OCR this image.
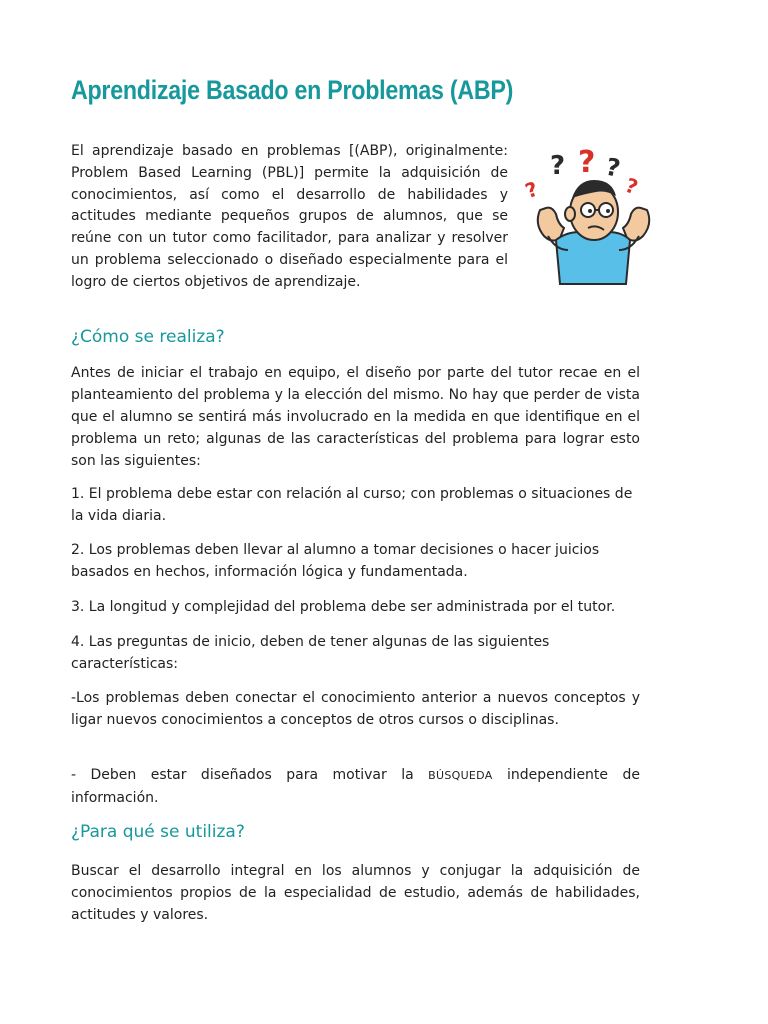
Aprendizaje Basado en Problemas (ABP)

El aprendizaje basado en problemas [(ABP), originalmente: Problem Based Learning (PBL)] permite la adquisición de conocimientos, así como el desarrollo de habilidades y actitudes mediante pequeños grupos de alumnos, que se reúne con un tutor como facilitador, para analizar y resolver un problema seleccionado o diseñado especialmente para el logro de ciertos objetivos de aprendizaje.

?
? ? ?
?
¿Cómo se realiza?

Antes de iniciar el trabajo en equipo, el diseño por parte del tutor recae en el planteamiento del problema y la elección del mismo. No hay que perder de vista que el alumno se sentirá más involucrado en la medida en que identifique en el problema un reto; algunas de las características del problema para lograr esto son las siguientes:

1. El problema debe estar con relación al curso; con problemas o situaciones de la vida diaria.

2. Los problemas deben llevar al alumno a tomar decisiones o hacer juicios basados en hechos, información lógica y fundamentada.

3. La longitud y complejidad del problema debe ser administrada por el tutor.

4. Las preguntas de inicio, deben de tener algunas de las siguientes características:

-Los problemas deben conectar el conocimiento anterior a nuevos conceptos y ligar nuevos conocimientos a conceptos de otros cursos o disciplinas.

- Deben estar diseñados para motivar la BÚSQUEDA independiente de información.

¿Para qué se utiliza?

Buscar el desarrollo integral en los alumnos y conjugar la adquisición de conocimientos propios de la especialidad de estudio, además de habilidades, actitudes y valores.
